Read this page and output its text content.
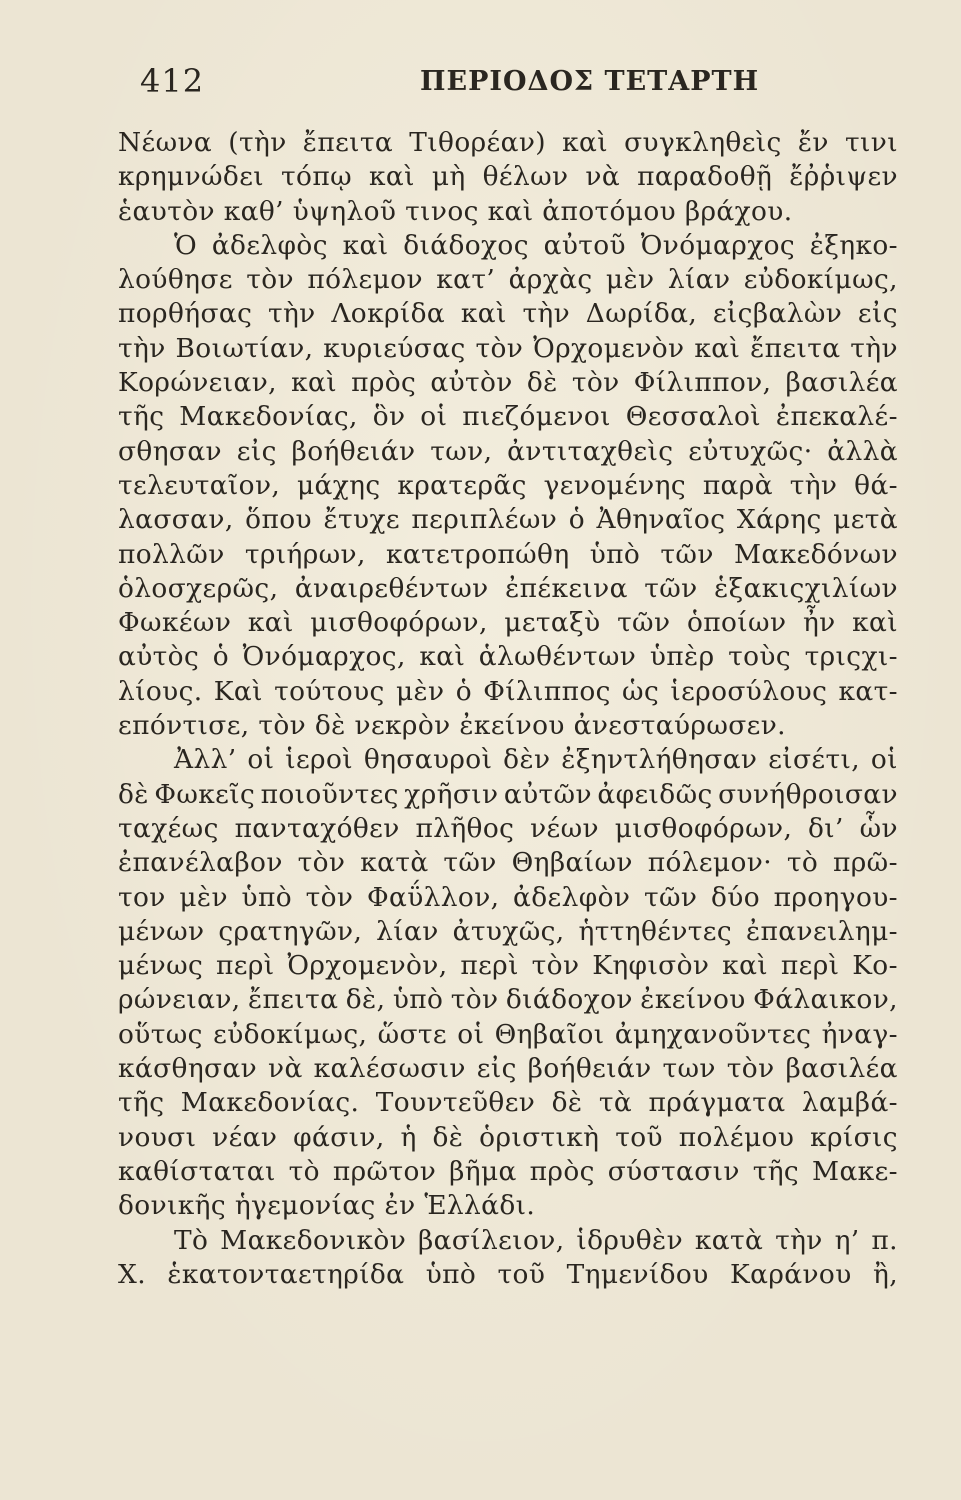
412	ΠΕΡΙΟΔΟΣ ΤΕΤΑΡΤΗ
Νέωνα (τὴν ἔπειτα Τιθορέαν) καὶ συγκληθεὶς ἔν τινι
κρημνώδει τόπῳ καὶ μὴ θέλων νὰ παραδοθῇ ἔῤῥιψεν
ἑαυτὸν καθ’ ὑψηλοῦ τινος καὶ ἀποτόμου βράχου.
Ὁ ἀδελφὸς καὶ διάδοχος αὐτοῦ Ὀνόμαρχος ἐξηκο-
λούθησε τὸν πόλεμον κατ’ ἀρχὰς μὲν λίαν εὐδοκίμως,
πορθήσας τὴν Λοκρίδα καὶ τὴν Δωρίδα, εἰςβαλὼν εἰς
τὴν Βοιωτίαν, κυριεύσας τὸν Ὀρχομενὸν καὶ ἔπειτα τὴν
Κορώνειαν, καὶ πρὸς αὐτὸν δὲ τὸν Φίλιππον, βασιλέα
τῆς Μακεδονίας, ὃν οἱ πιεζόμενοι Θεσσαλοὶ ἐπεκαλέ-
σθησαν εἰς βοήθειάν των, ἀντιταχθεὶς εὐτυχῶς· ἀλλὰ
τελευταῖον, μάχης κρατερᾶς γενομένης παρὰ τὴν θά-
λασσαν, ὅπου ἔτυχε περιπλέων ὁ Ἀθηναῖος Χάρης μετὰ
πολλῶν τριήρων, κατετροπώθη ὑπὸ τῶν Μακεδόνων
ὁλοσχερῶς, ἀναιρεθέντων ἐπέκεινα τῶν ἑξακιςχιλίων
Φωκέων καὶ μισθοφόρων, μεταξὺ τῶν ὁποίων ἦν καὶ
αὐτὸς ὁ Ὀνόμαρχος, καὶ ἁλωθέντων ὑπὲρ τοὺς τριςχι-
λίους. Καὶ τούτους μὲν ὁ Φίλιππος ὡς ἱεροσύλους κατ-
επόντισε, τὸν δὲ νεκρὸν ἐκείνου ἀνεσταύρωσεν.
Ἀλλ’ οἱ ἱεροὶ θησαυροὶ δὲν ἐξηντλήθησαν εἰσέτι, οἱ
δὲ Φωκεῖς ποιοῦντες χρῆσιν αὐτῶν ἀφειδῶς συνήθροισαν
ταχέως πανταχόθεν πλῆθος νέων μισθοφόρων, δι’ ὧν
ἐπανέλαβον τὸν κατὰ τῶν Θηβαίων πόλεμον· τὸ πρῶ-
τον μὲν ὑπὸ τὸν Φαΰλλον, ἀδελφὸν τῶν δύο προηγου-
μένων ςρατηγῶν, λίαν ἀτυχῶς, ἡττηθέντες ἐπανειλημ-
μένως περὶ Ὀρχομενὸν, περὶ τὸν Κηφισὸν καὶ περὶ Κο-
ρώνειαν, ἔπειτα δὲ, ὑπὸ τὸν διάδοχον ἐκείνου Φάλαικον,
οὕτως εὐδοκίμως, ὥστε οἱ Θηβαῖοι ἀμηχανοῦντες ἠναγ-
κάσθησαν νὰ καλέσωσιν εἰς βοήθειάν των τὸν βασιλέα
τῆς Μακεδονίας. Τουντεῦθεν δὲ τὰ πράγματα λαμβά-
νουσι νέαν φάσιν, ἡ δὲ ὁριστικὴ τοῦ πολέμου κρίσις
καθίσταται τὸ πρῶτον βῆμα πρὸς σύστασιν τῆς Μακε-
δονικῆς ἡγεμονίας ἐν Ἑλλάδι.
Τὸ Μακεδονικὸν βασίλειον, ἱδρυθὲν κατὰ τὴν η’ π.
Χ. ἑκατονταετηρίδα ὑπὸ τοῦ Τημενίδου Καράνου ἢ,
